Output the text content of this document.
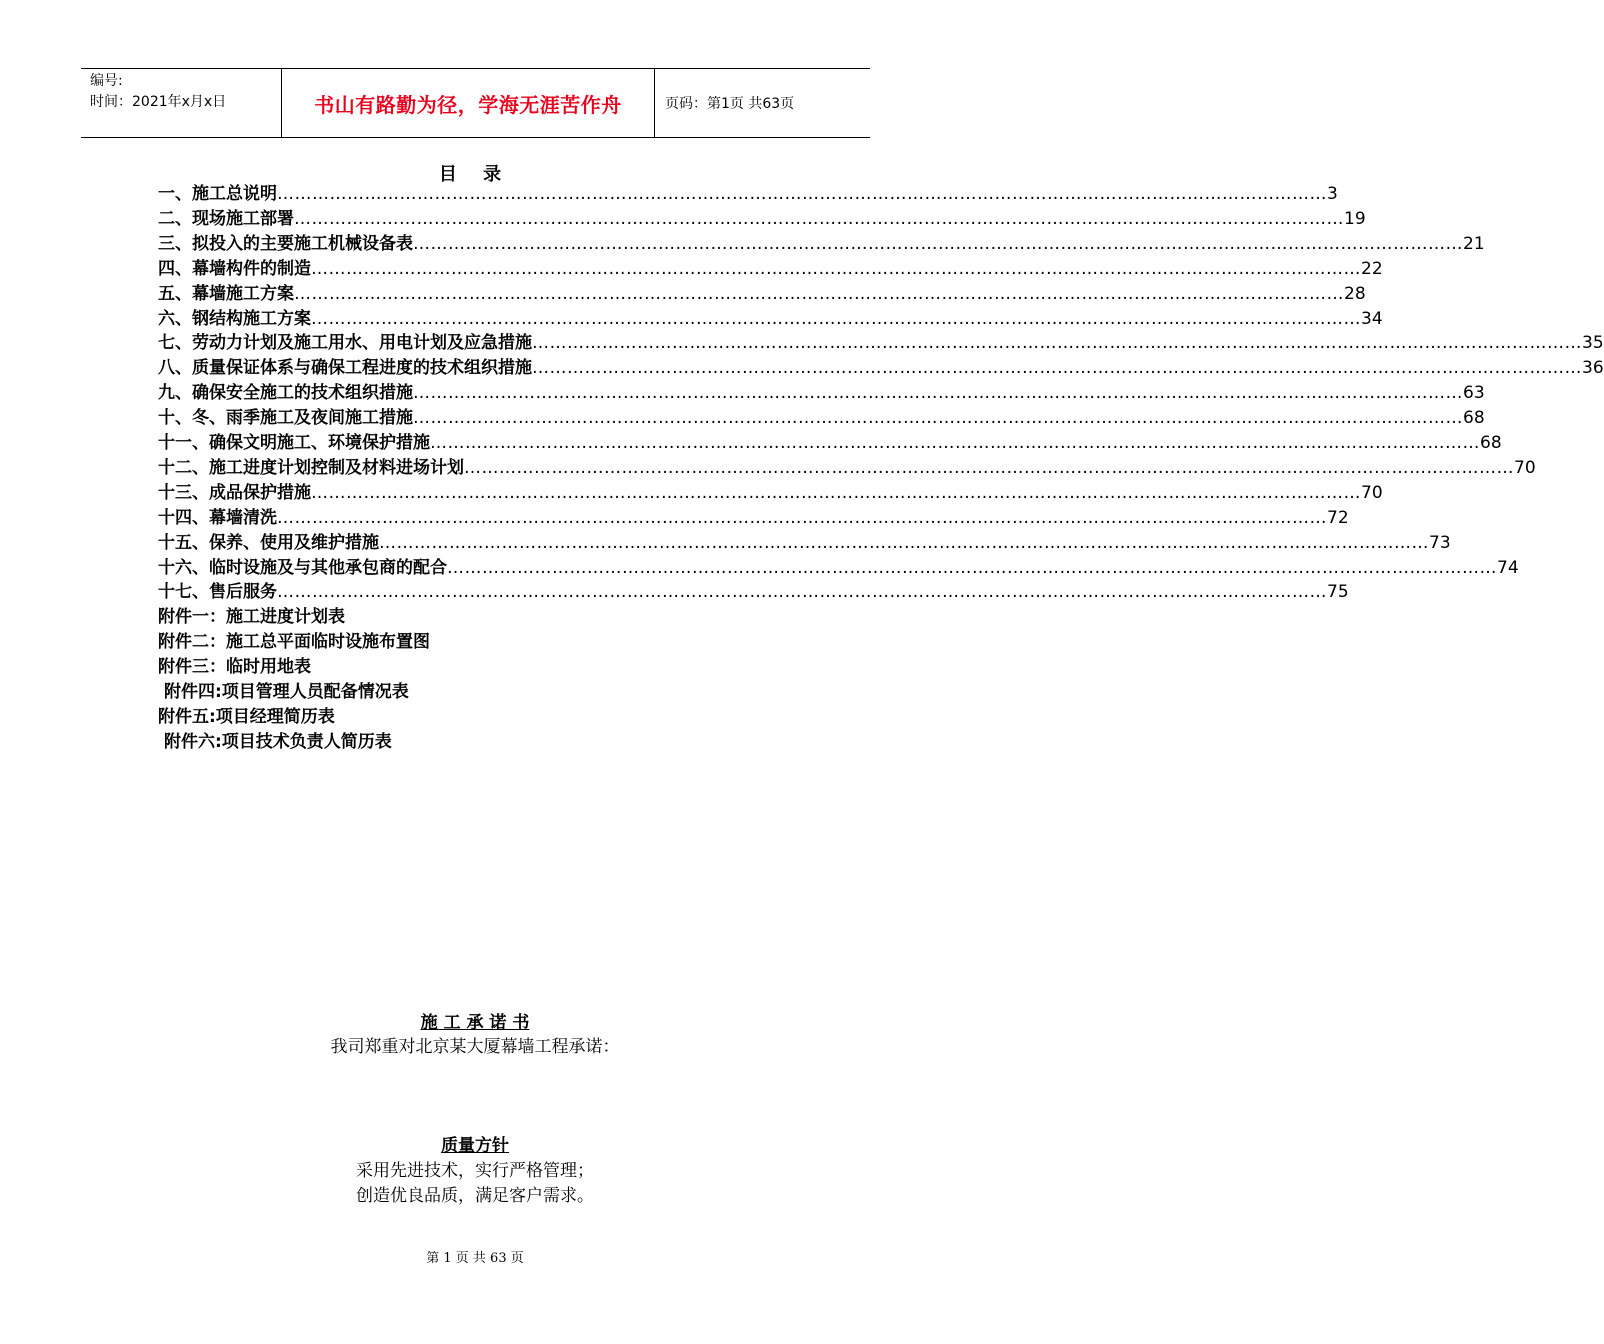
编号:
时间：2021年x月x日	书山有路勤为径，学海无涯苦作舟	页码：第1页 共63页
目 录
一、 施工总说明 ……………………………………………………………………………………………………………………………………………………………… 3
二、 现场施工部署 ……………………………………………………………………………………………………………………………………………………………… 19
三、 拟投入的主要施工机械设备表 ……………………………………………………………………………………………………………………………………………………………… 21
四、 幕墙构件的制造 ……………………………………………………………………………………………………………………………………………………………… 22
五、 幕墙施工方案 ……………………………………………………………………………………………………………………………………………………………… 28
六、 钢结构施工方案 ……………………………………………………………………………………………………………………………………………………………… 34
七、 劳动力计划及施工用水、用电计划及应急措施 ……………………………………………………………………………………………………………………………………………………………… 35
八、 质量保证体系与确保工程进度的技术组织措施 ……………………………………………………………………………………………………………………………………………………………… 36
九、 确保安全施工的技术组织措施 ……………………………………………………………………………………………………………………………………………………………… 63
十、 冬、雨季施工及夜间施工措施 ……………………………………………………………………………………………………………………………………………………………… 68
十一、 确保文明施工、环境保护措施 ……………………………………………………………………………………………………………………………………………………………… 68
十二、 施工进度计划控制及材料进场计划 ……………………………………………………………………………………………………………………………………………………………… 70
十三、 成品保护措施 ……………………………………………………………………………………………………………………………………………………………… 70
十四、 幕墙清洗 ……………………………………………………………………………………………………………………………………………………………… 72
十五、 保养、使用及维护措施 ……………………………………………………………………………………………………………………………………………………………… 73
十六、 临时设施及与其他承包商的配合 ……………………………………………………………………………………………………………………………………………………………… 74
十七、 售后服务 ……………………………………………………………………………………………………………………………………………………………… 75
附件一：施工进度计划表
附件二：施工总平面临时设施布置图
附件三：临时用地表
附件四:项目管理人员配备情况表
附件五:项目经理简历表
附件六:项目技术负责人简历表
施 工 承 诺 书
我司郑重对北京某大厦幕墙工程承诺：
质量方针
采用先进技术，实行严格管理；
创造优良品质，满足客户需求。
第 1 页 共 63 页
